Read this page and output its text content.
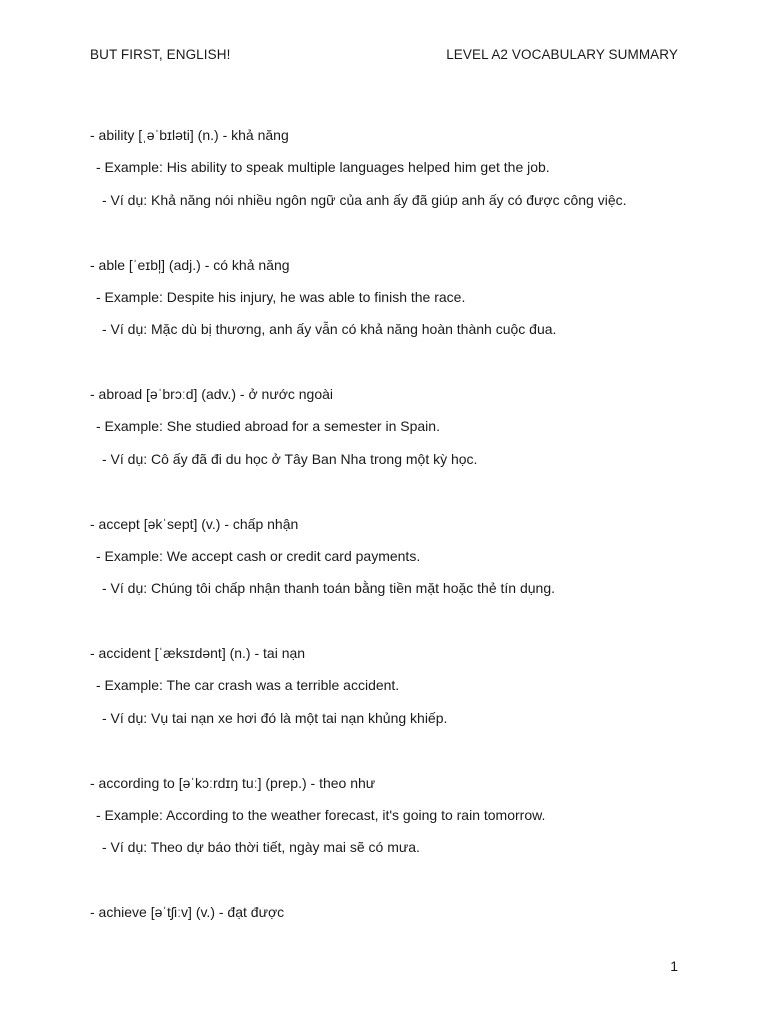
BUT FIRST, ENGLISH!	LEVEL A2 VOCABULARY SUMMARY
- ability [ˌəˈbɪləti] (n.) - khả năng
- Example: His ability to speak multiple languages helped him get the job.
- Ví dụ: Khả năng nói nhiều ngôn ngữ của anh ấy đã giúp anh ấy có được công việc.
- able [ˈeɪbl̩] (adj.) - có khả năng
- Example: Despite his injury, he was able to finish the race.
- Ví dụ: Mặc dù bị thương, anh ấy vẫn có khả năng hoàn thành cuộc đua.
- abroad [əˈbrɔːd] (adv.) - ở nước ngoài
- Example: She studied abroad for a semester in Spain.
- Ví dụ: Cô ấy đã đi du học ở Tây Ban Nha trong một kỳ học.
- accept [əkˈsept] (v.) - chấp nhận
- Example: We accept cash or credit card payments.
- Ví dụ: Chúng tôi chấp nhận thanh toán bằng tiền mặt hoặc thẻ tín dụng.
- accident [ˈæksɪdənt] (n.) - tai nạn
- Example: The car crash was a terrible accident.
- Ví dụ: Vụ tai nạn xe hơi đó là một tai nạn khủng khiếp.
- according to [əˈkɔːrdɪŋ tuː] (prep.) - theo như
- Example: According to the weather forecast, it's going to rain tomorrow.
- Ví dụ: Theo dự báo thời tiết, ngày mai sẽ có mưa.
- achieve [əˈtʃiːv] (v.) - đạt được
1
